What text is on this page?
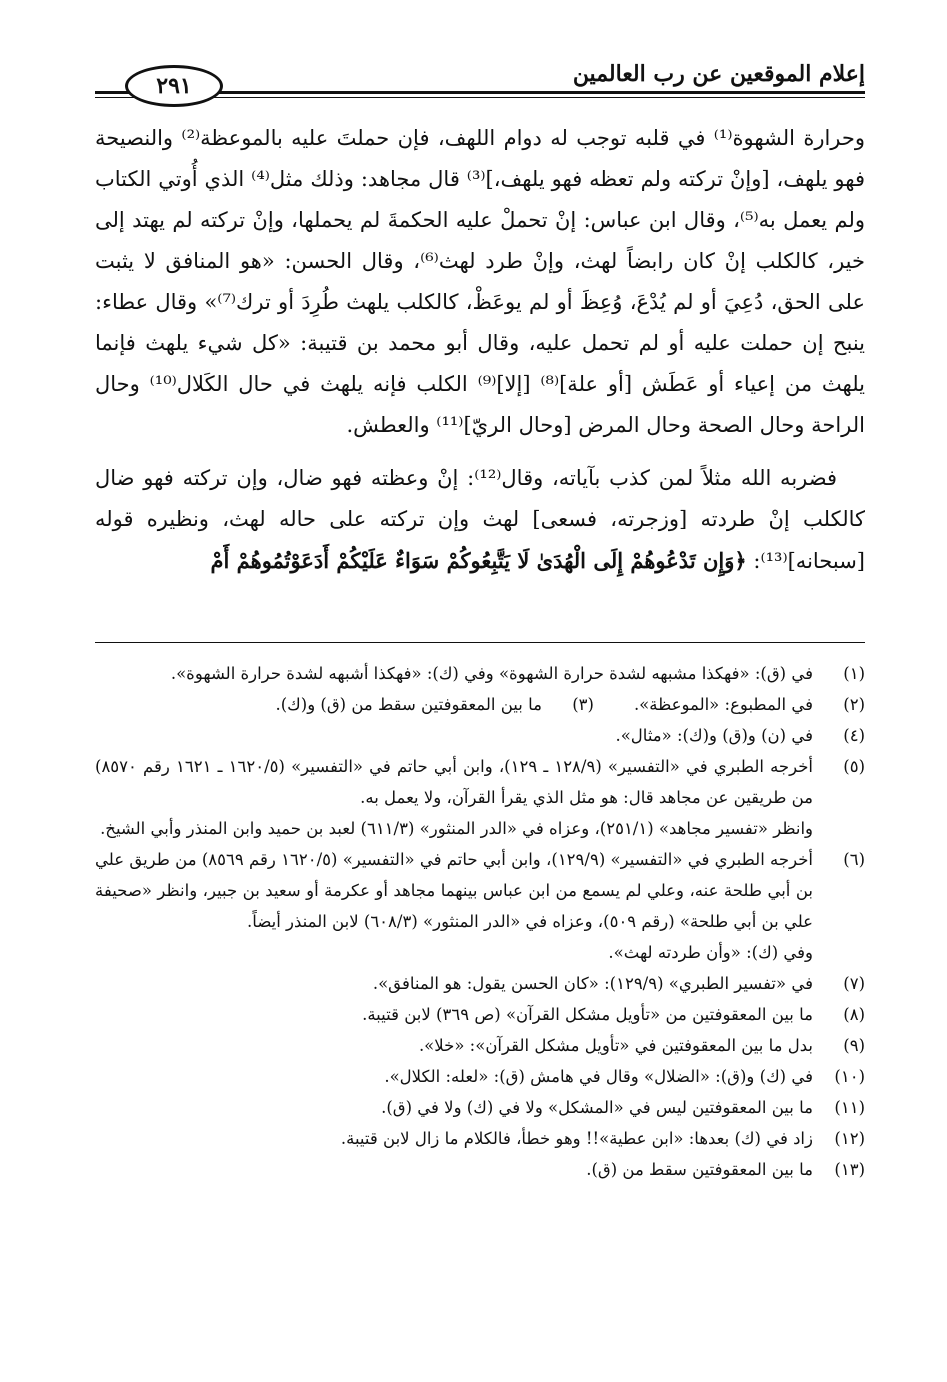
٢٩١	إعلام الموقعين عن رب العالمين

وحرارة الشهوة⁽¹⁾ في قلبه توجب له دوام اللهف، فإن حملتَ عليه بالموعظة⁽²⁾ والنصيحة فهو يلهف، [وإنْ تركته ولم تعظه فهو يلهف،]⁽³⁾ قال مجاهد: وذلك مثل⁽⁴⁾ الذي أُوتي الكتاب ولم يعمل به⁽⁵⁾، وقال ابن عباس: إنْ تحملْ عليه الحكمةَ لم يحملها، وإنْ تركته لم يهتد إلى خير، كالكلب إنْ كان رابضاً لهث، وإنْ طرد لهث⁽⁶⁾، وقال الحسن: «هو المنافق لا يثبت على الحق، دُعِيَ أو لم يُدْعَ، وُعِظَ أو لم يوعَظْ، كالكلب يلهث طُرِدَ أو ترك⁽⁷⁾» وقال عطاء: ينبح إن حملت عليه أو لم تحمل عليه، وقال أبو محمد بن قتيبة: «كل شيء يلهث فإنما يلهث من إعياء أو عَطَش [أو علة]⁽⁸⁾ [إلا]⁽⁹⁾ الكلب فإنه يلهث في حال الكَلال⁽¹⁰⁾ وحال الراحة وحال الصحة وحال المرض [وحال الريّ]⁽¹¹⁾ والعطش.

فضربه الله مثلاً لمن كذب بآياته، وقال⁽¹²⁾: إنْ وعظته فهو ضال، وإن تركته فهو ضال كالكلب إنْ طردته [وزجرته، فسعى] لهث وإن تركته على حاله لهث، ونظيره قوله [سبحانه]⁽¹³⁾: ﴿وَإِن تَدْعُوهُمْ إِلَى الْهُدَىٰ لَا يَتَّبِعُوكُمْ سَوَاءٌ عَلَيْكُمْ أَدَعَوْتُمُوهُمْ أَمْ

(١)
في (ق): «فهكذا مشبهه لشدة حرارة الشهوة» وفي (ك): «فهكذا أشبهه لشدة حرارة الشهوة».
(٢)
في المطبوع: «الموعظة».
(٣)
ما بين المعقوفتين سقط من (ق) و(ك).
(٤)
في (ن) و(ق) و(ك): «مثال».
(٥)
أخرجه الطبري في «التفسير» (١٢٨/٩ ـ ١٢٩)، وابن أبي حاتم في «التفسير» (١٦٢٠/٥ ـ ١٦٢١ رقم ٨٥٧٠) من طريقين عن مجاهد قال: هو مثل الذي يقرأ القرآن، ولا يعمل به.
وانظر «تفسير مجاهد» (٢٥١/١)، وعزاه في «الدر المنثور» (٦١١/٣) لعبد بن حميد وابن المنذر وأبي الشيخ.
(٦)
أخرجه الطبري في «التفسير» (١٢٩/٩)، وابن أبي حاتم في «التفسير» (١٦٢٠/٥ رقم ٨٥٦٩) من طريق علي بن أبي طلحة عنه، وعلي لم يسمع من ابن عباس بينهما مجاهد أو عكرمة أو سعيد بن جبير، وانظر «صحيفة علي بن أبي طلحة» (رقم ٥٠٩)، وعزاه في «الدر المنثور» (٦٠٨/٣) لابن المنذر أيضاً.
وفي (ك): «وأن طردته لهث».
(٧)
في «تفسير الطبري» (١٢٩/٩): «كان الحسن يقول: هو المنافق».
(٨)
ما بين المعقوفتين من «تأويل مشكل القرآن» (ص ٣٦٩) لابن قتيبة.
(٩)
بدل ما بين المعقوفتين في «تأويل مشكل القرآن»: «خلا».
(١٠)
في (ك) و(ق): «الضلال» وقال في هامش (ق): «لعله: الكلال».
(١١)
ما بين المعقوفتين ليس في «المشكل» ولا في (ك) ولا في (ق).
(١٢)
زاد في (ك) بعدها: «ابن عطية»!! وهو خطأ، فالكلام ما زال لابن قتيبة.
(١٣)
ما بين المعقوفتين سقط من (ق).
